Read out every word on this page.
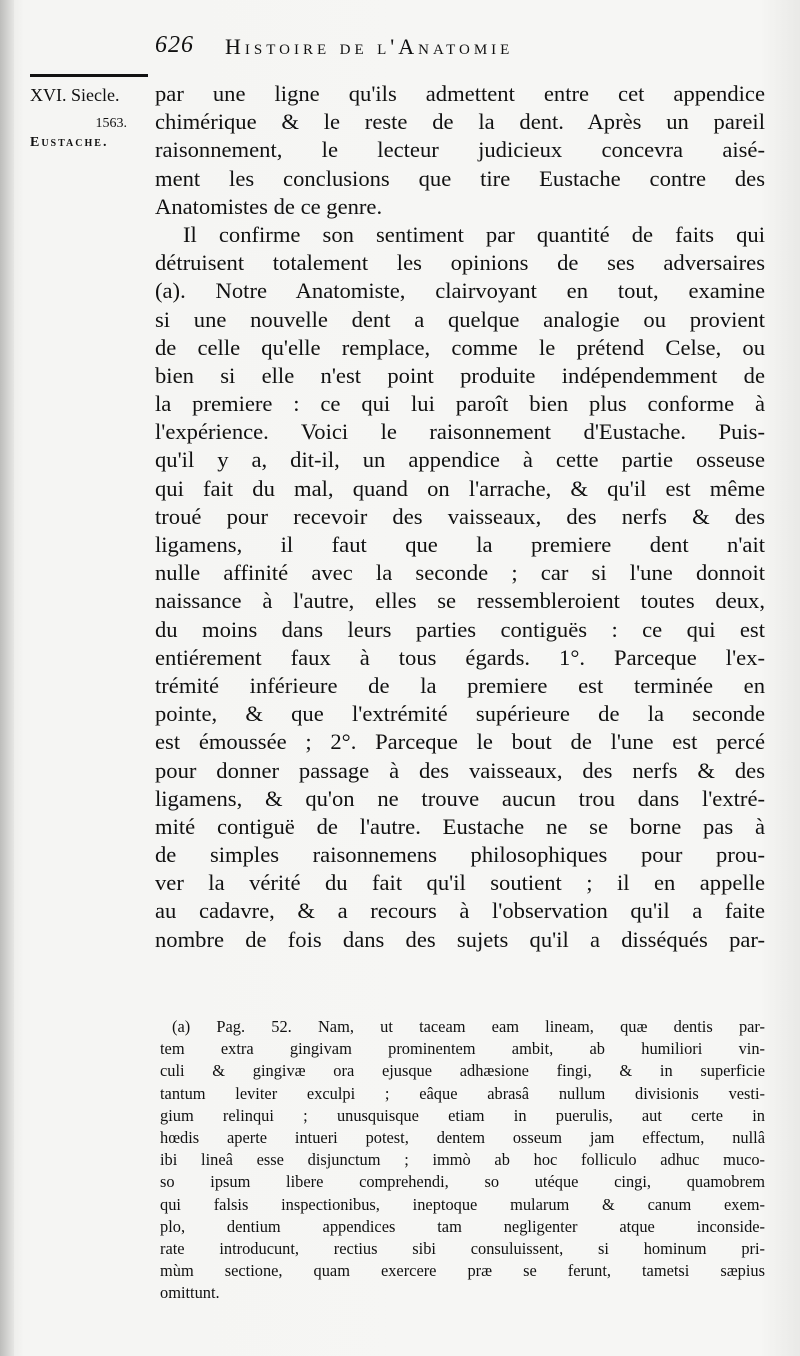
626 Histoire de l'Anatomie
XVI. Siecle.
1563.
Eustache.
par une ligne qu'ils admettent entre cet appendice
chimérique & le reste de la dent. Après un pareil
raisonnement, le lecteur judicieux concevra aisé-
ment les conclusions que tire Eustache contre des
Anatomistes de ce genre.
Il confirme son sentiment par quantité de faits qui
détruisent totalement les opinions de ses adversaires
(a). Notre Anatomiste, clairvoyant en tout, examine
si une nouvelle dent a quelque analogie ou provient
de celle qu'elle remplace, comme le prétend Celse, ou
bien si elle n'est point produite indépendemment de
la premiere : ce qui lui paroît bien plus conforme à
l'expérience. Voici le raisonnement d'Eustache. Puis-
qu'il y a, dit-il, un appendice à cette partie osseuse
qui fait du mal, quand on l'arrache, & qu'il est même
troué pour recevoir des vaisseaux, des nerfs & des
ligamens, il faut que la premiere dent n'ait
nulle affinité avec la seconde ; car si l'une donnoit
naissance à l'autre, elles se ressembleroient toutes deux,
du moins dans leurs parties contiguës : ce qui est
entiérement faux à tous égards. 1°. Parceque l'ex-
trémité inférieure de la premiere est terminée en
pointe, & que l'extrémité supérieure de la seconde
est émoussée ; 2°. Parceque le bout de l'une est percé
pour donner passage à des vaisseaux, des nerfs & des
ligamens, & qu'on ne trouve aucun trou dans l'extré-
mité contiguë de l'autre. Eustache ne se borne pas à
de simples raisonnemens philosophiques pour prou-
ver la vérité du fait qu'il soutient ; il en appelle
au cadavre, & a recours à l'observation qu'il a faite
nombre de fois dans des sujets qu'il a disséqués par-
(a) Pag. 52. Nam, ut taceam eam lineam, quæ dentis par-
tem extra gingivam prominentem ambit, ab humiliori vin-
culi & gingivæ ora ejusque adhæsione fingi, & in superficie
tantum leviter exculpi ; eâque abrasâ nullum divisionis vesti-
gium relinqui ; unusquisque etiam in puerulis, aut certe in
hœdis aperte intueri potest, dentem osseum jam effectum, nullâ
ibi lineâ esse disjunctum ; immò ab hoc folliculo adhuc muco-
so ipsum libere comprehendi, so utéque cingi, quamobrem
qui falsis inspectionibus, ineptoque mularum & canum exem-
plo, dentium appendices tam negligenter atque inconside-
rate introducunt, rectius sibi consuluissent, si hominum pri-
mùm sectione, quam exercere præ se ferunt, tametsi sæpius
omittunt.
